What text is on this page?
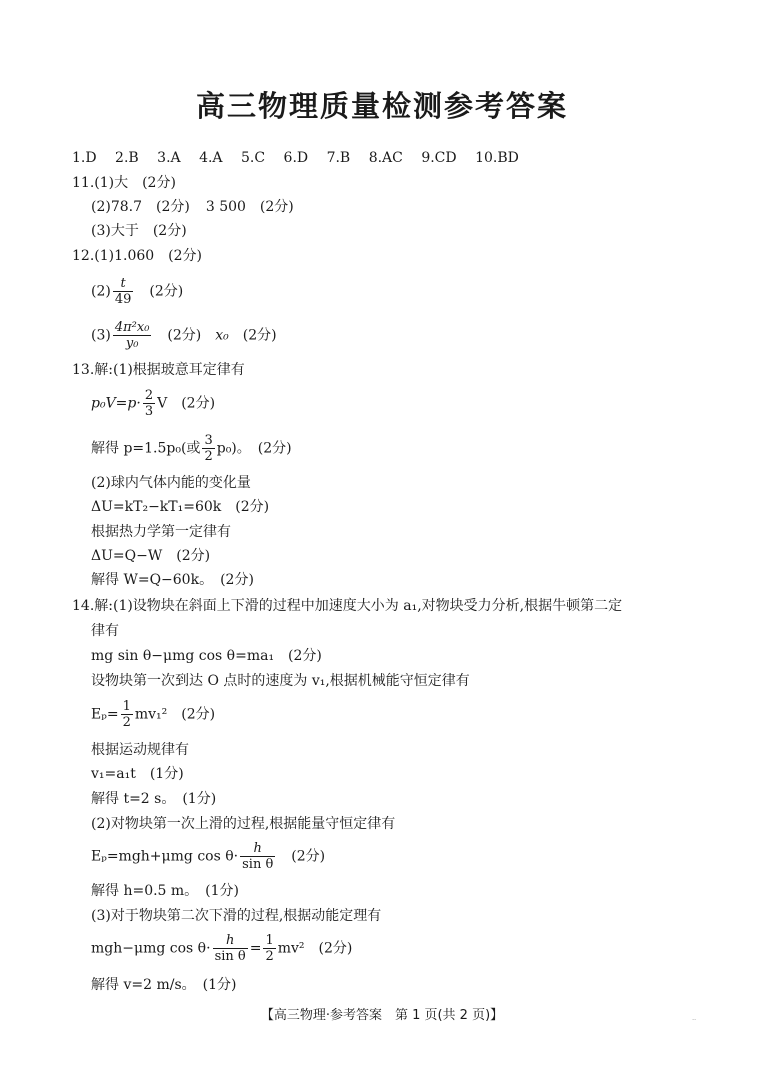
高三物理质量检测参考答案
1.D 2.B 3.A 4.A 5.C 6.D 7.B 8.AC 9.CD 10.BD
11.(1)大　(2分)
(2)78.7　(2分) 3 500　(2分)
(3)大于　(2分)
12.(1)1.060　(2分)
$(2) \frac{t}{49}$
　 (2分)
$(3) \frac{\text{4π²x₀}}{\text{y₀}}$
　 (2分)　 x₀　 (2分)
13.解:(1)根据玻意耳定律有
$p_0V=p\cdot \frac{2}{3}$ V　(2分)
解得 p=1.5p₀(或 $\frac{3}{2} p_0$)。　(2分)
(2)球内气体内能的变化量
ΔU=kT₂−kT₁=60k　(2分)
根据热力学第一定律有
ΔU=Q−W　(2分)
解得 W=Q−60k。　(2分)
14.解:(1)设物块在斜面上下滑的过程中加速度大小为 a₁,对物块受力分析,根据牛顿第二定
律有
mg sin θ−μmg cos θ=ma₁　(2分)
设物块第一次到达 O 点时的速度为 v₁,根据机械能守恒定律有
$E_p= \frac{1}{2} mv_1^2$　(2分)
根据运动规律有
v₁=a₁t　(1分)
解得 t=2 s。　(1分)
(2)对物块第一次上滑的过程,根据能量守恒定律有
Eₚ=mgh+μmg $\cos \theta\cdot \frac{h}{\text{sin θ}}$
　 (2分)
解得 h=0.5 m。　(1分)
(3)对于物块第二次下滑的过程,根据动能定理有
mgh−μmg $\cos \theta\cdot \frac{h}{\text{sin θ}} = \frac{1}{2} mv^2$　(2分)
解得 v=2 m/s。　(1分)
【高三物理·参考答案　第 1 页(共 2 页)】	..
